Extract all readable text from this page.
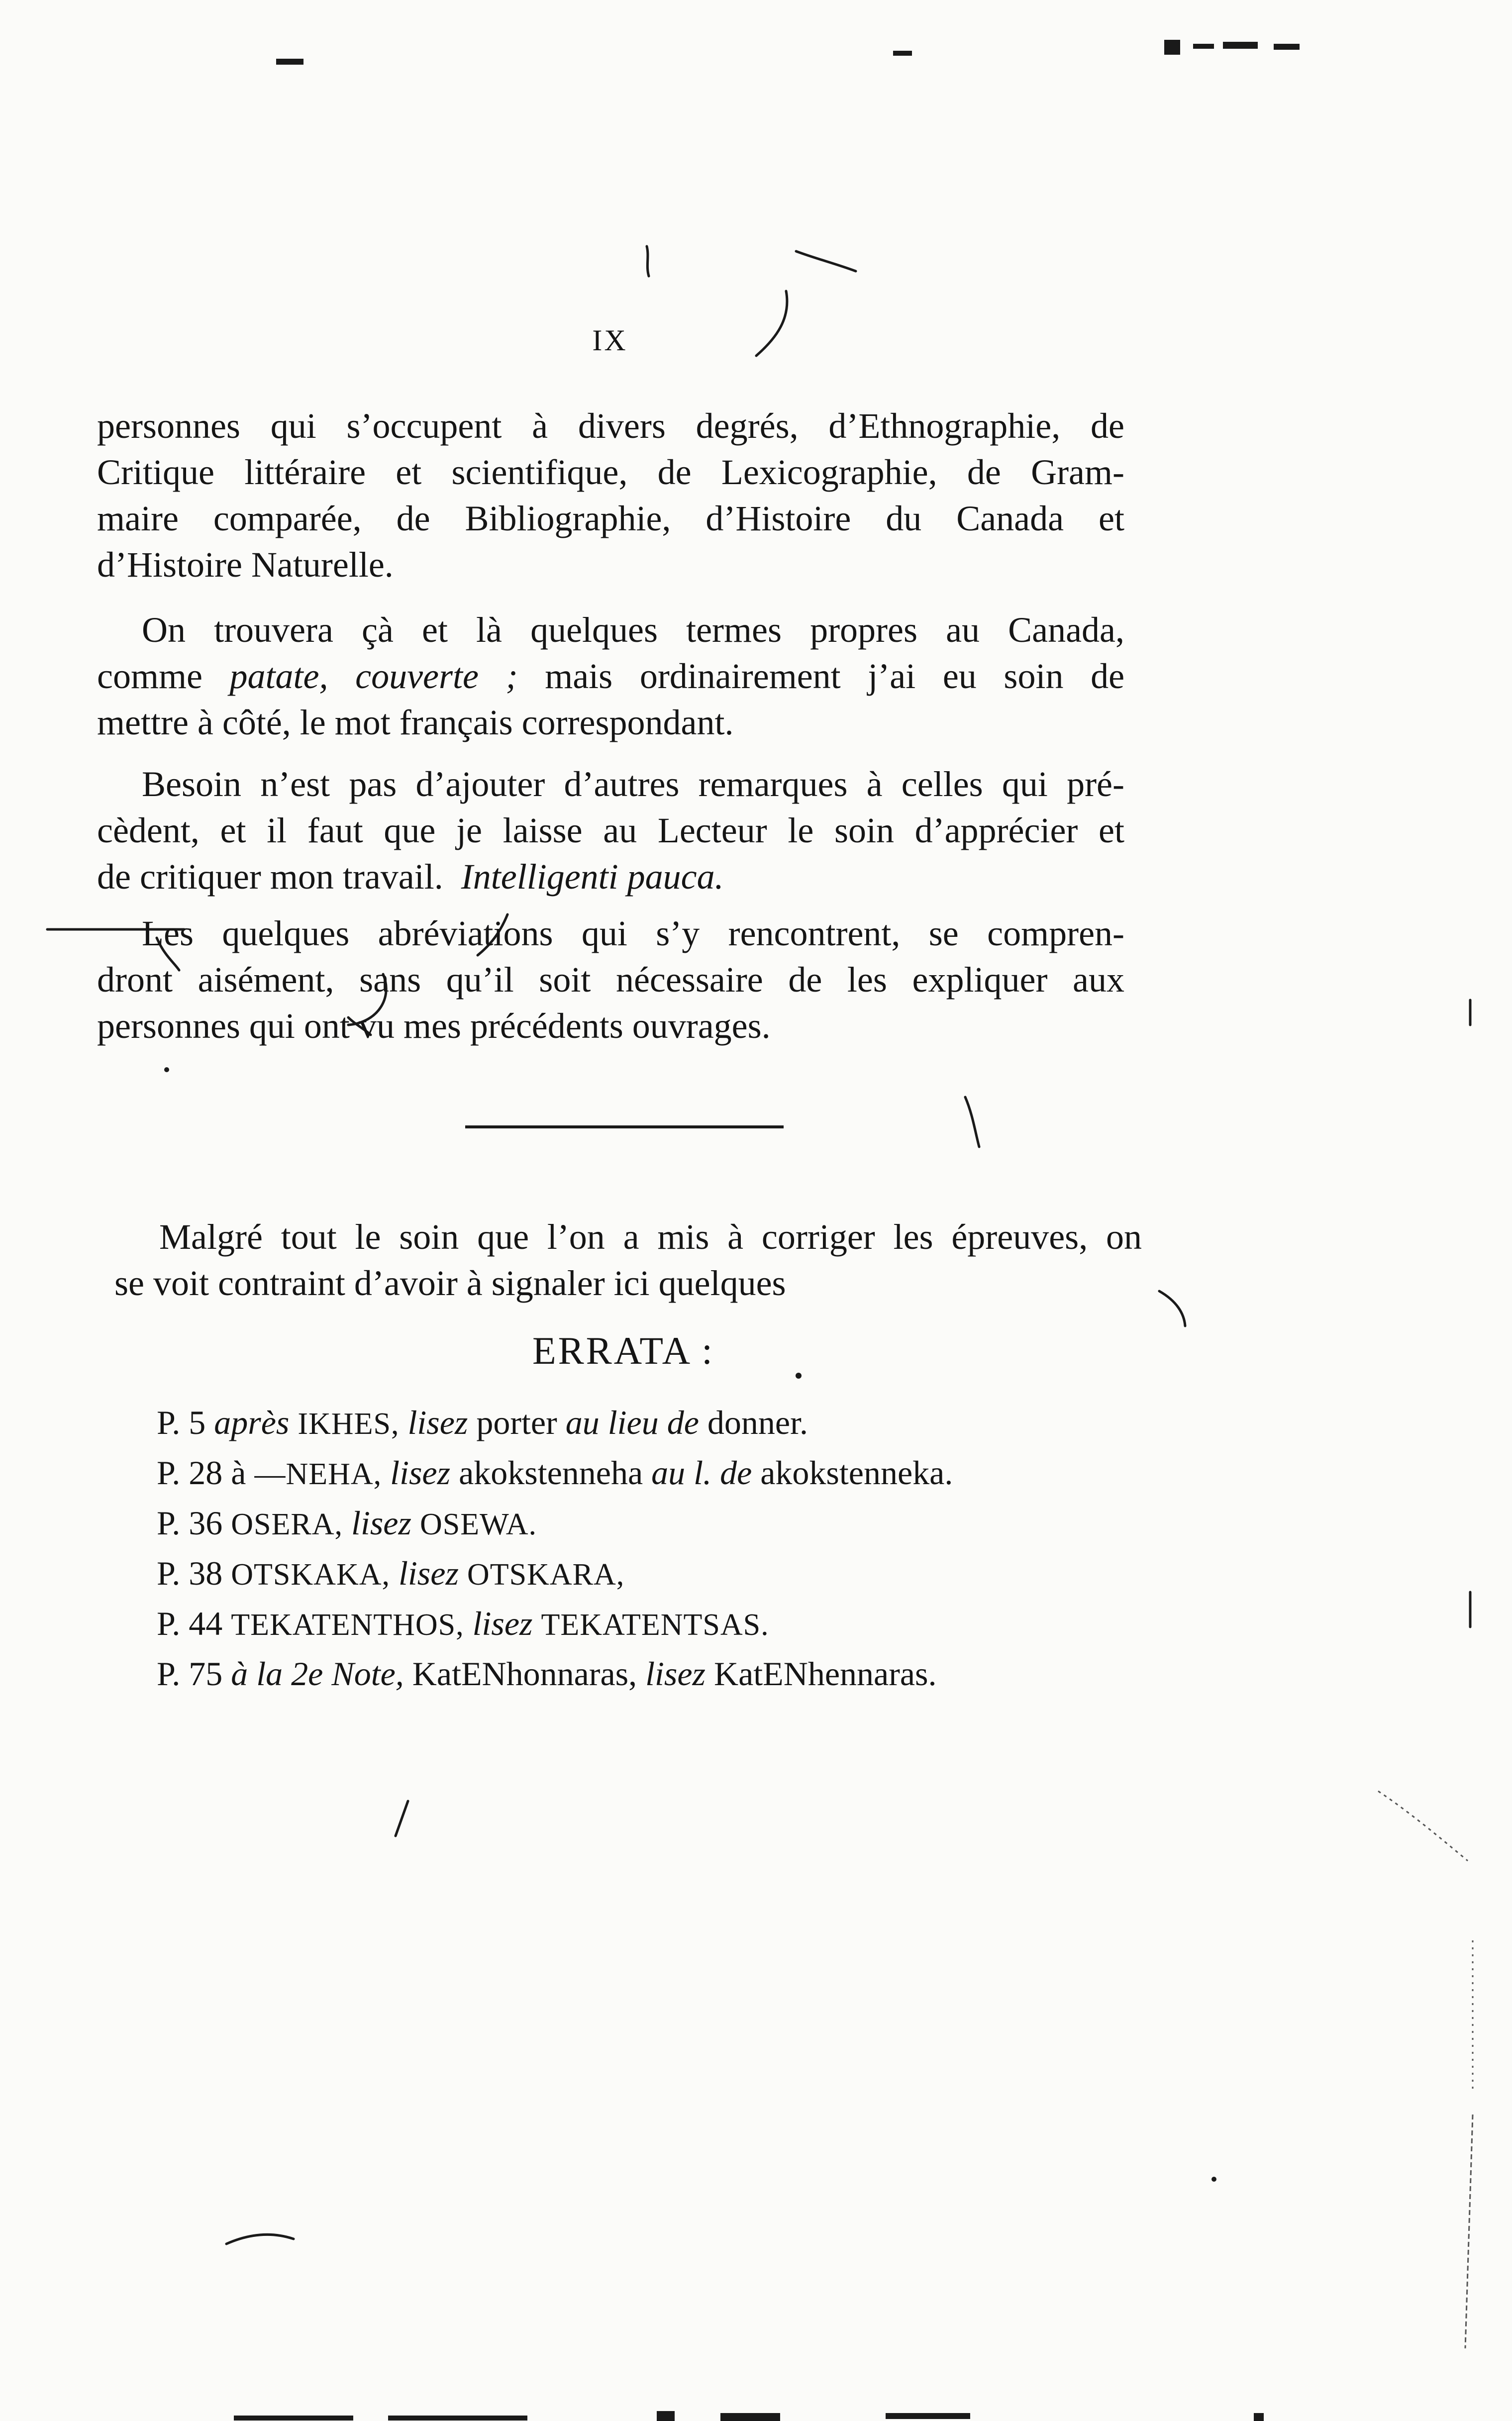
IX
personnes qui s’occupent à divers degrés, d’Ethnographie, de
Critique littéraire et scientifique, de Lexicographie, de Gram-
maire comparée, de Bibliographie, d’Histoire du Canada et
d’Histoire Naturelle.
On trouvera çà et là quelques termes propres au Canada,
comme patate, couverte ; mais ordinairement j’ai eu soin de
mettre à côté, le mot français correspondant.
Besoin n’est pas d’ajouter d’autres remarques à celles qui pré-
cèdent, et il faut que je laisse au Lecteur le soin d’apprécier et
de critiquer mon travail. Intelligenti pauca.
Les quelques abréviations qui s’y rencontrent, se compren-
dront aisément, sans qu’il soit nécessaire de les expliquer aux
personnes qui ont vu mes précédents ouvrages.
Malgré tout le soin que l’on a mis à corriger les épreuves, on
se voit contraint d’avoir à signaler ici quelques
ERRATA :
P. 5 après IKHES, lisez porter au lieu de donner.
P. 28 à —NEHA, lisez akokstenneha au l. de akokstenneka.
P. 36 OSERA, lisez OSEWA.
P. 38 OTSKAKA, lisez OTSKARA,
P. 44 TEKATENTHOS, lisez TEKATENTSAS.
P. 75 à la 2e Note, KatENhonnaras, lisez KatENhennaras.
